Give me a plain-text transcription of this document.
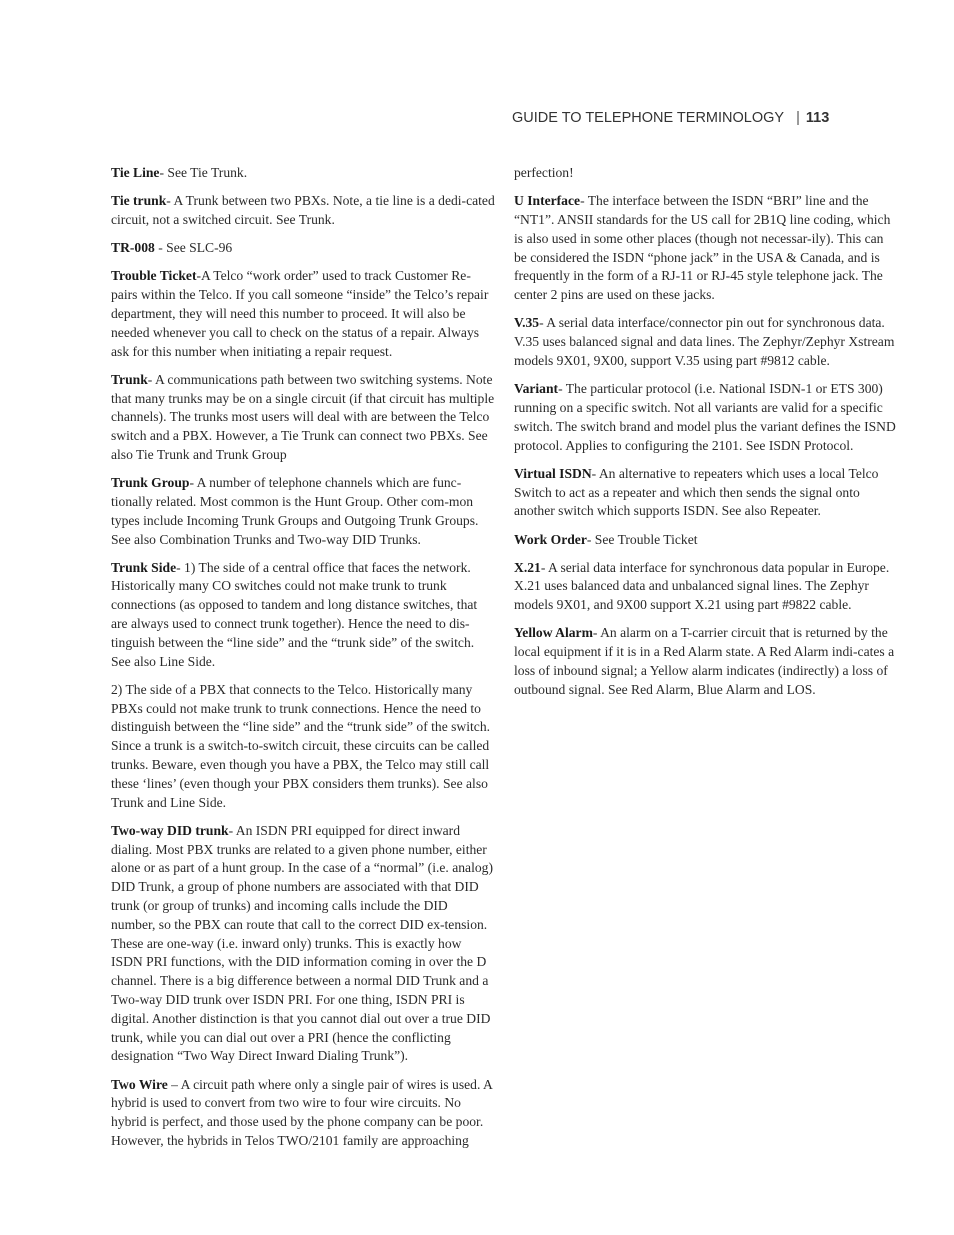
GUIDE TO TELEPHONE TERMINOLOGY | 113

Tie Line- See Tie Trunk.

Tie trunk- A Trunk between two PBXs. Note, a tie line is a dedi-cated circuit, not a switched circuit. See Trunk.

TR-008 - See SLC-96

Trouble Ticket-A Telco “work order” used to track Customer Re-pairs within the Telco. If you call someone “inside” the Telco’s repair department, they will need this number to proceed. It will also be needed whenever you call to check on the status of a repair. Always ask for this number when initiating a repair request.

Trunk- A communications path between two switching systems. Note that many trunks may be on a single circuit (if that circuit has multiple channels). The trunks most users will deal with are between the Telco switch and a PBX. However, a Tie Trunk can connect two PBXs. See also Tie Trunk and Trunk Group

Trunk Group- A number of telephone channels which are func-tionally related. Most common is the Hunt Group. Other com-mon types include Incoming Trunk Groups and Outgoing Trunk Groups. See also Combination Trunks and Two-way DID Trunks.

Trunk Side- 1) The side of a central office that faces the network. Historically many CO switches could not make trunk to trunk connections (as opposed to tandem and long distance switches, that are always used to connect trunk together). Hence the need to dis-tinguish between the “line side” and the “trunk side” of the switch. See also Line Side.

2) The side of a PBX that connects to the Telco. Historically many PBXs could not make trunk to trunk connections. Hence the need to distinguish between the “line side” and the “trunk side” of the switch. Since a trunk is a switch-to-switch circuit, these circuits can be called trunks. Beware, even though you have a PBX, the Telco may still call these ‘lines’ (even though your PBX considers them trunks). See also Trunk and Line Side.

Two-way DID trunk- An ISDN PRI equipped for direct inward dialing. Most PBX trunks are related to a given phone number, either alone or as part of a hunt group. In the case of a “normal” (i.e. analog) DID Trunk, a group of phone numbers are associated with that DID trunk (or group of trunks) and incoming calls include the DID number, so the PBX can route that call to the correct DID ex-tension. These are one-way (i.e. inward only) trunks. This is exactly how ISDN PRI functions, with the DID information coming in over the D channel. There is a big difference between a normal DID Trunk and a Two-way DID trunk over ISDN PRI. For one thing, ISDN PRI is digital. Another distinction is that you cannot dial out over a true DID trunk, while you can dial out over a PRI (hence the conflicting designation “Two Way Direct Inward Dialing Trunk”).

Two Wire – A circuit path where only a single pair of wires is used. A hybrid is used to convert from two wire to four wire circuits. No hybrid is perfect, and those used by the phone company can be poor. However, the hybrids in Telos TWO/2101 family are approaching

perfection!

U Interface- The interface between the ISDN “BRI” line and the “NT1”. ANSII standards for the US call for 2B1Q line coding, which is also used in some other places (though not necessar-ily). This can be considered the ISDN “phone jack” in the USA & Canada, and is frequently in the form of a RJ-11 or RJ-45 style telephone jack. The center 2 pins are used on these jacks.

V.35- A serial data interface/connector pin out for synchronous data. V.35 uses balanced signal and data lines. The Zephyr/Zephyr Xstream models 9X01, 9X00, support V.35 using part #9812 cable.

Variant- The particular protocol (i.e. National ISDN-1 or ETS 300) running on a specific switch. Not all variants are valid for a specific switch. The switch brand and model plus the variant defines the ISND protocol. Applies to configuring the 2101. See ISDN Protocol.

Virtual ISDN- An alternative to repeaters which uses a local Telco Switch to act as a repeater and which then sends the signal onto another switch which supports ISDN. See also Repeater.

Work Order- See Trouble Ticket

X.21- A serial data interface for synchronous data popular in Europe. X.21 uses balanced data and unbalanced signal lines. The Zephyr models 9X01, and 9X00 support X.21 using part #9822 cable.

Yellow Alarm- An alarm on a T-carrier circuit that is returned by the local equipment if it is in a Red Alarm state. A Red Alarm indi-cates a loss of inbound signal; a Yellow alarm indicates (indirectly) a loss of outbound signal. See Red Alarm, Blue Alarm and LOS.
